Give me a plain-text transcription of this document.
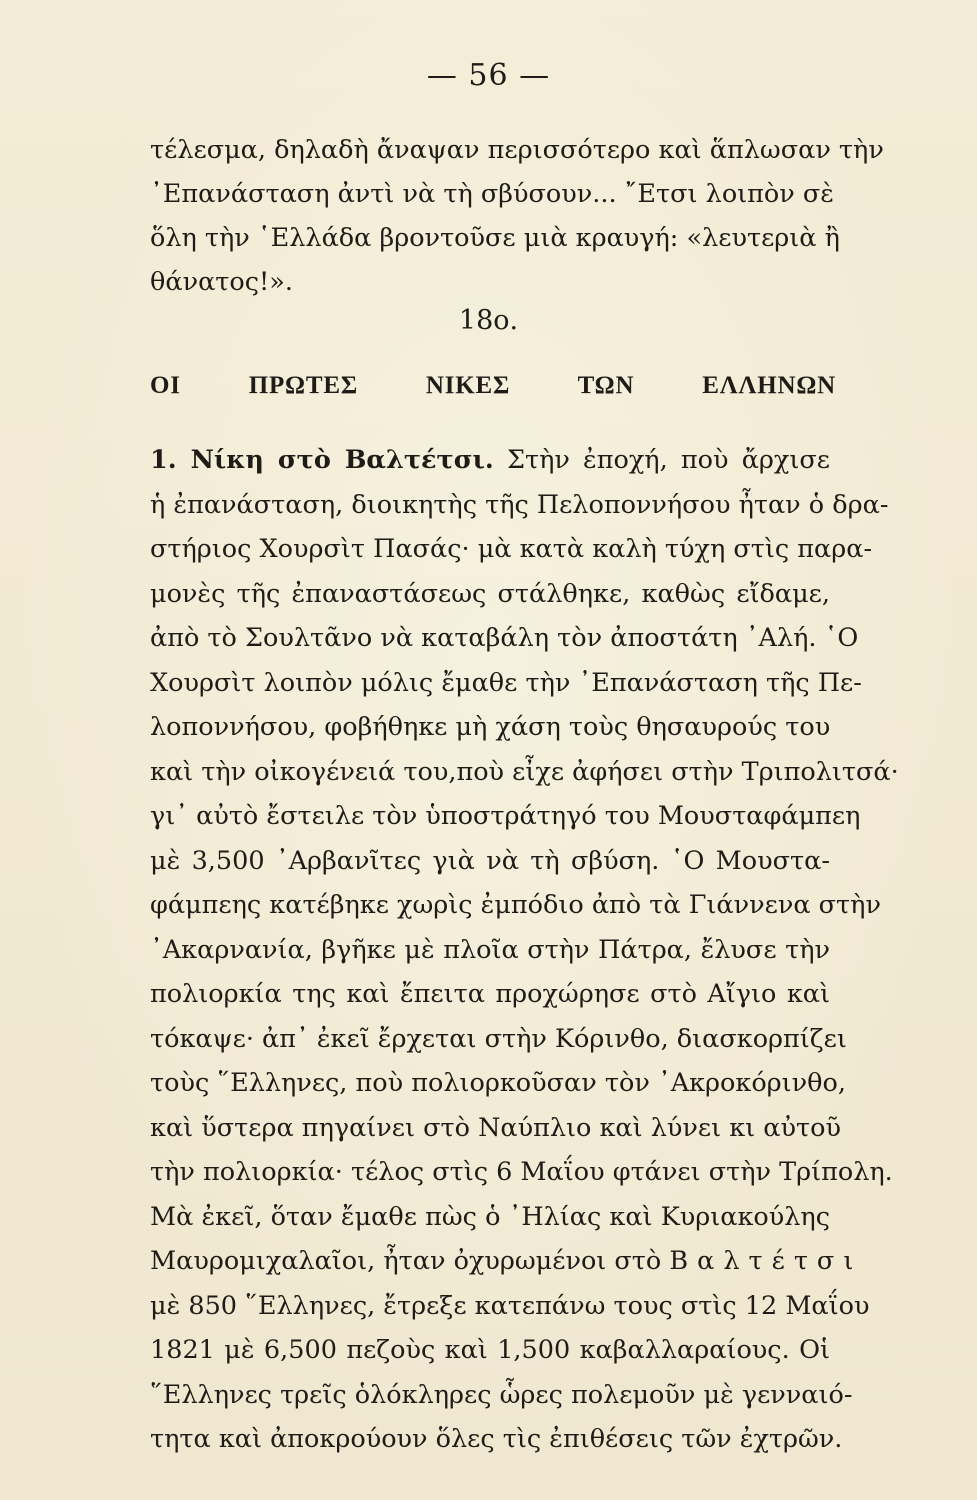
— 56 —
τέλεσμα, δηλαδὴ ἄναψαν περισσότερο καὶ ἅπλωσαν τὴν
᾿Επανάσταση ἀντὶ νὰ τὴ σβύσουν... ῎Ετσι λοιπὸν σὲ
ὅλη τὴν ῾Ελλάδα βροντοῦσε μιὰ κραυγή: «λευτεριὰ ἢ
θάνατος!».
18ο.
ΟΙ ΠΡΩΤΕΣ ΝΙΚΕΣ ΤΩΝ ΕΛΛΗΝΩΝ
1. Νίκη στὸ Βαλτέτσι. Στὴν ἐποχή, ποὺ ἄρχισε
ἡ ἐπανάσταση, διοικητὴς τῆς Πελοποννήσου ἦταν ὁ δρα-
στήριος Χουρσὶτ Πασάς· μὰ κατὰ καλὴ τύχη στὶς παρα-
μονὲς τῆς ἐπαναστάσεως στάλθηκε, καθὼς εἴδαμε,
ἀπὸ τὸ Σουλτᾶνο νὰ καταβάλη τὸν ἀποστάτη ᾿Αλή. ῾Ο
Χουρσὶτ λοιπὸν μόλις ἔμαθε τὴν ᾿Επανάσταση τῆς Πε-
λοποννήσου, φοβήθηκε μὴ χάση τοὺς θησαυρούς του
καὶ τὴν οἰκογένειά του,ποὺ εἶχε ἀφήσει στὴν Τριπολιτσά·
γι᾿ αὐτὸ ἔστειλε τὸν ὑποστράτηγό του Μουσταφάμπεη
μὲ 3,500 ᾿Αρβανῖτες γιὰ νὰ τὴ σβύση. ῾Ο Μουστα-
φάμπεης κατέβηκε χωρὶς ἐμπόδιο ἀπὸ τὰ Γιάννενα στὴν
᾿Ακαρνανία, βγῆκε μὲ πλοῖα στὴν Πάτρα, ἔλυσε τὴν
πολιορκία της καὶ ἔπειτα προχώρησε στὸ Αἴγιο καὶ
τόκαψε· ἀπ᾿ ἐκεῖ ἔρχεται στὴν Κόρινθο, διασκορπίζει
τοὺς ῞Ελληνες, ποὺ πολιορκοῦσαν τὸν ᾿Ακροκόρινθο,
καὶ ὕστερα πηγαίνει στὸ Ναύπλιο καὶ λύνει κι αὐτοῦ
τὴν πολιορκία· τέλος στὶς 6 Μαΐου φτάνει στὴν Τρίπολη.
Μὰ ἐκεῖ, ὅταν ἔμαθε πὼς ὁ ᾿Ηλίας καὶ Κυριακούλης
Μαυρομιχαλαῖοι, ἦταν ὀχυρωμένοι στὸ Βαλτέτσι
μὲ 850 ῞Ελληνες, ἔτρεξε κατεπάνω τους στὶς 12 Μαΐου
1821 μὲ 6,500 πεζοὺς καὶ 1,500 καβαλλαραίους. Οἱ
῞Ελληνες τρεῖς ὁλόκληρες ὧρες πολεμοῦν μὲ γενναιό-
τητα καὶ ἀποκρούουν ὅλες τὶς ἐπιθέσεις τῶν ἐχτρῶν.
